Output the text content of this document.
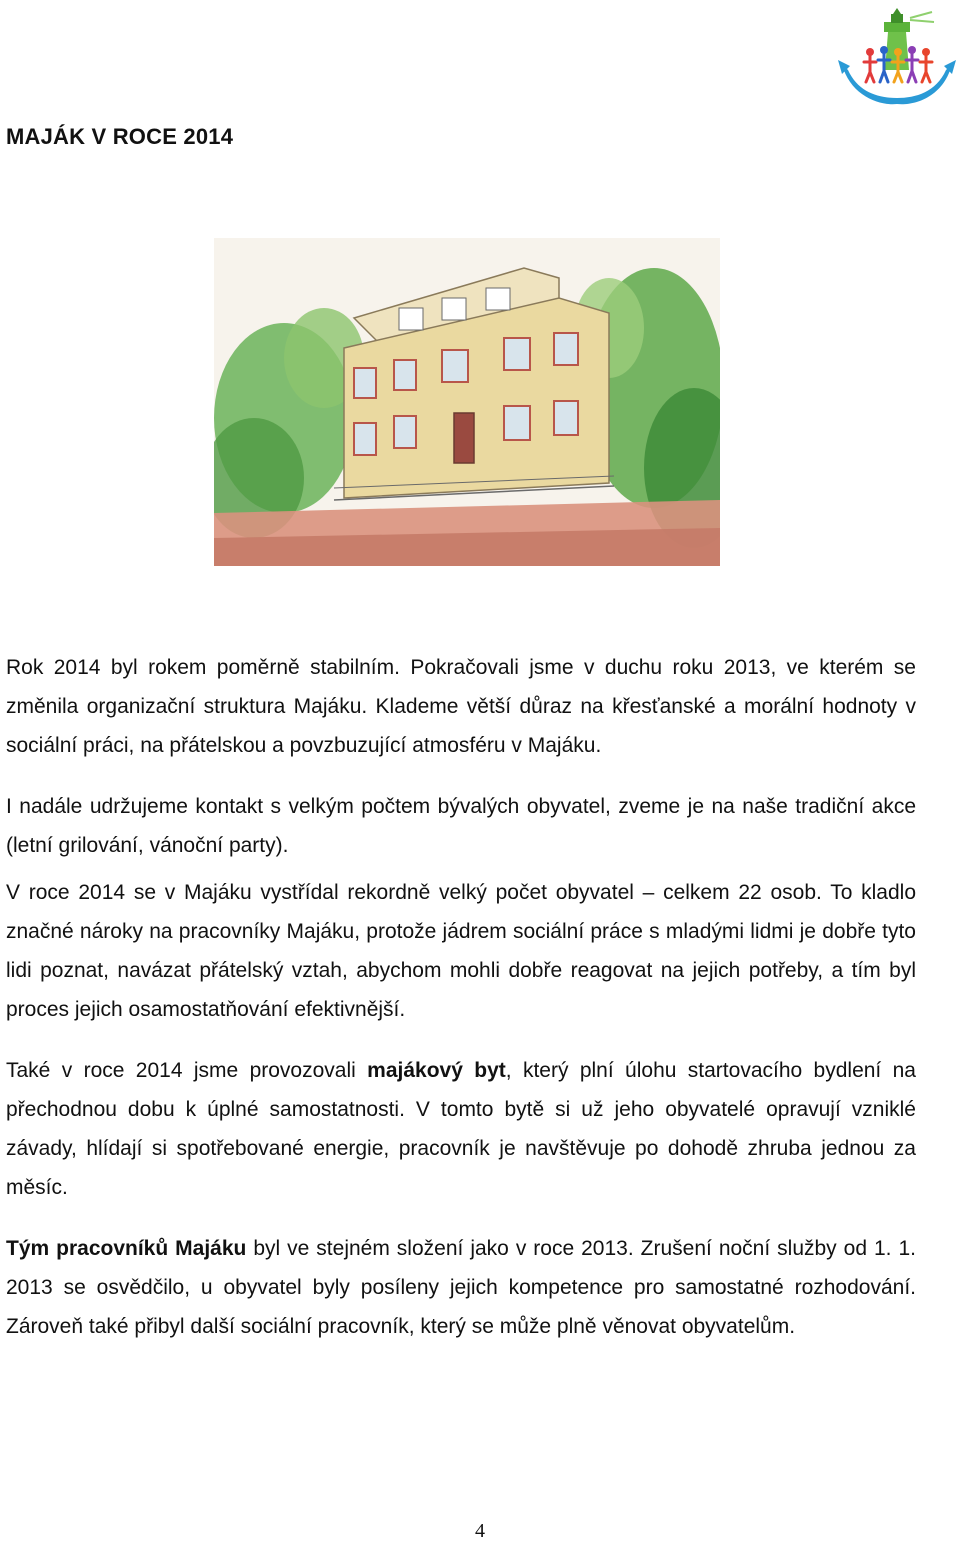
MAJÁK V ROCE 2014

Rok 2014 byl rokem poměrně stabilním. Pokračovali jsme v duchu roku 2013, ve kterém se změnila organizační struktura Majáku. Klademe větší důraz na křesťanské a morální hodnoty v sociální práci, na přátelskou a povzbuzující atmosféru v Majáku.

I nadále udržujeme kontakt s velkým počtem bývalých obyvatel, zveme je na naše tradiční akce (letní grilování, vánoční party).

V roce 2014 se v Majáku vystřídal rekordně velký počet obyvatel – celkem 22 osob. To kladlo značné nároky na pracovníky Majáku, protože jádrem sociální práce s mladými lidmi je dobře tyto lidi poznat, navázat přátelský vztah, abychom mohli dobře reagovat na jejich potřeby, a tím byl proces jejich osamostatňování efektivnější.

Také v roce 2014 jsme provozovali majákový byt, který plní úlohu startovacího bydlení na přechodnou dobu k úplné samostatnosti. V tomto bytě si už jeho obyvatelé opravují vzniklé závady, hlídají si spotřebované energie, pracovník je navštěvuje po dohodě zhruba jednou za měsíc.

Tým pracovníků Majáku byl ve stejném složení jako v roce 2013. Zrušení noční služby od 1. 1. 2013 se osvědčilo, u obyvatel byly posíleny jejich kompetence pro samostatné rozhodování. Zároveň také přibyl další sociální pracovník, který se může plně věnovat obyvatelům.

4
